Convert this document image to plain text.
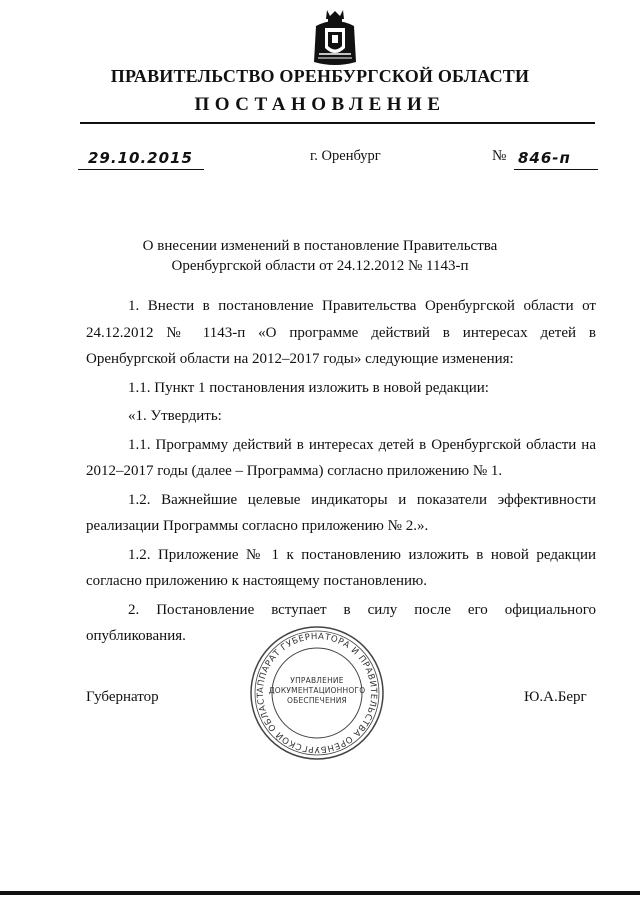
ПРАВИТЕЛЬСТВО ОРЕНБУРГСКОЙ ОБЛАСТИ
ПОСТАНОВЛЕНИЕ
29.10.2015	г. Оренбург	№ 846-п
О внесении изменений в постановление Правительства
Оренбургской области от 24.12.2012 № 1143-п

1. Внести в постановление Правительства Оренбургской области от 24.12.2012 № 1143-п «О программе действий в интересах детей в Оренбургской области на 2012–2017 годы» следующие изменения:

1.1. Пункт 1 постановления изложить в новой редакции:

«1. Утвердить:

1.1. Программу действий в интересах детей в Оренбургской области на 2012–2017 годы (далее – Программа) согласно приложению № 1.

1.2. Важнейшие целевые индикаторы и показатели эффективности реализации Программы согласно приложению № 2.».

1.2. Приложение № 1 к постановлению изложить в новой редакции согласно приложению к настоящему постановлению.

2. Постановление вступает в силу после его официального опубликования.

Губернатор	АППАРАТ ГУБЕРНАТОРА И ПРАВИТЕЛЬСТВА ОРЕНБУРГСКОЙ ОБЛАСТ
УПРАВЛЕНИЕ
ДОКУМЕНТАЦИОННОГО
ОБЕСПЕЧЕНИЯ	Ю.А.Берг
